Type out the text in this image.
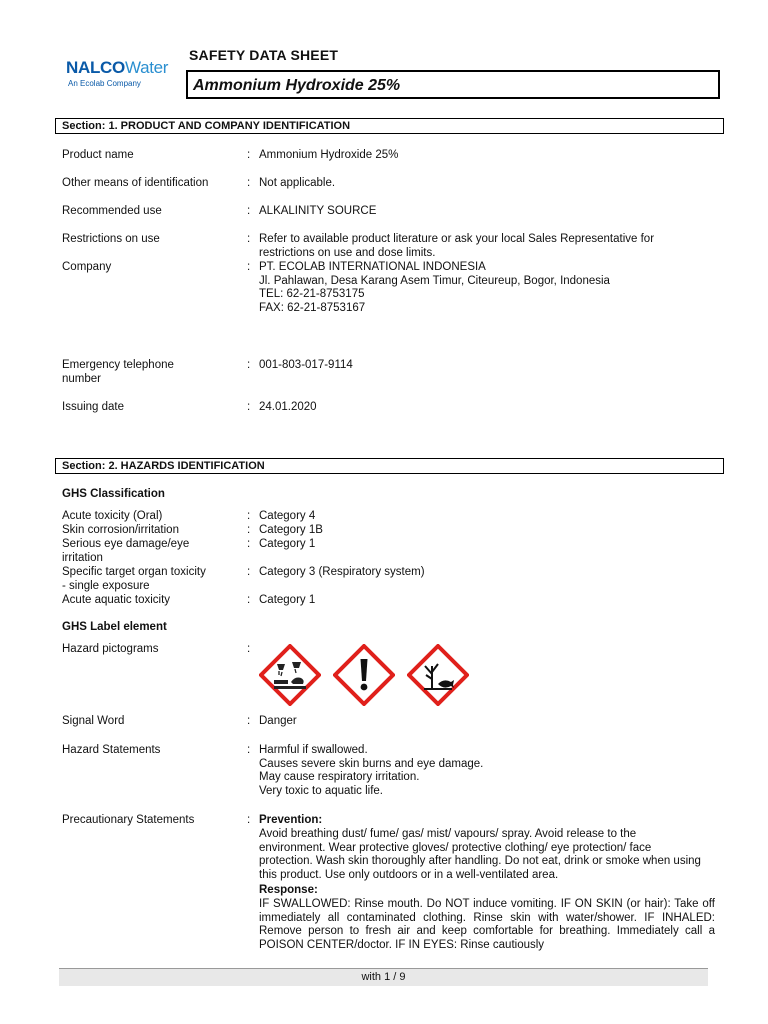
NALCOWater
An Ecolab Company
SAFETY DATA SHEET
Ammonium Hydroxide 25%
Section: 1. PRODUCT AND COMPANY IDENTIFICATION
Product name	: Ammonium Hydroxide 25%
Other means of identification	: Not applicable.
Recommended use	: ALKALINITY SOURCE
Restrictions on use	: Refer to available product literature or ask your local Sales Representative for restrictions on use and dose limits.
Company	: PT. ECOLAB INTERNATIONAL INDONESIA
Jl. Pahlawan, Desa Karang Asem Timur, Citeureup, Bogor, Indonesia
TEL: 62-21-8753175
FAX: 62-21-8753167
Emergency telephone
number
: 001-803-017-9114
Issuing date	: 24.01.2020
Section: 2. HAZARDS IDENTIFICATION
GHS Classification
Acute toxicity (Oral)	: Category 4
Skin corrosion/irritation	: Category 1B
Serious eye damage/eye
irritation
: Category 1
Specific target organ toxicity
- single exposure
: Category 3 (Respiratory system)
Acute aquatic toxicity	: Category 1
GHS Label element
Hazard pictograms	:
Signal Word	: Danger
Hazard Statements	: Harmful if swallowed.
Causes severe skin burns and eye damage.
May cause respiratory irritation.
Very toxic to aquatic life.
Precautionary Statements	: Prevention:
Avoid breathing dust/ fume/ gas/ mist/ vapours/ spray. Avoid release to the environment. Wear protective gloves/ protective clothing/ eye protection/ face protection. Wash skin thoroughly after handling. Do not eat, drink or smoke when using this product. Use only outdoors or in a well-ventilated area.
Response:
IF SWALLOWED: Rinse mouth. Do NOT induce vomiting. IF ON SKIN (or hair): Take off immediately all contaminated clothing. Rinse skin with water/shower. IF INHALED: Remove person to fresh air and keep comfortable for breathing. Immediately call a POISON CENTER/doctor. IF IN EYES: Rinse cautiously
with 1 / 9
